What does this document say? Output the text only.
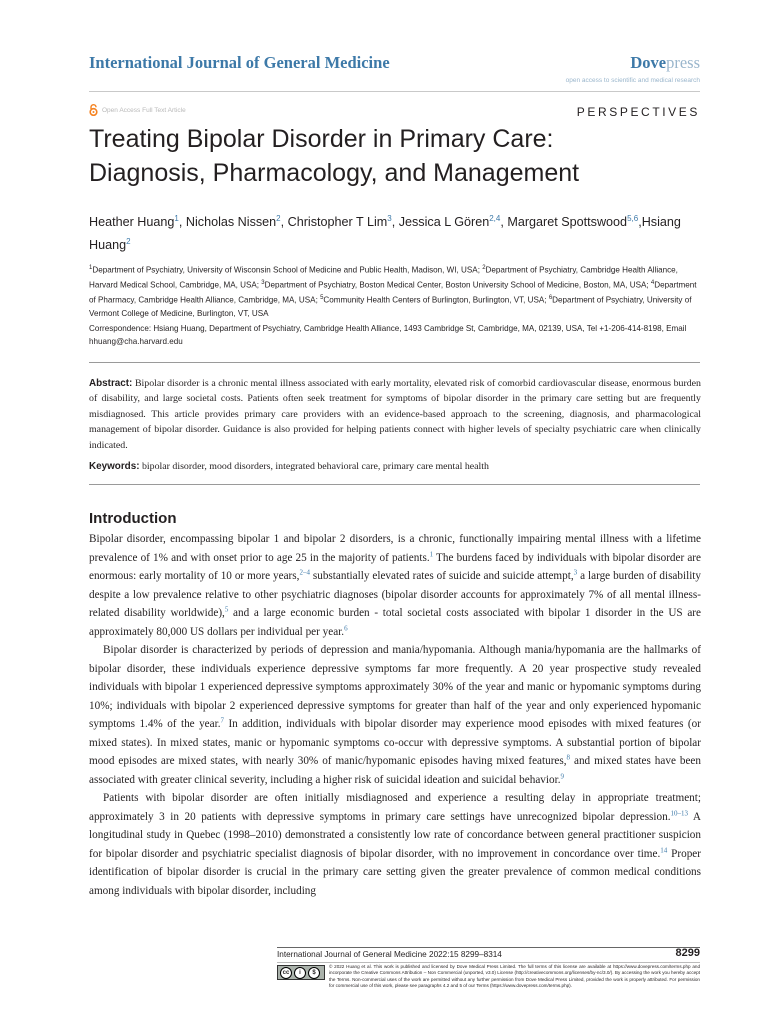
International Journal of General Medicine	Dovepress
open access to scientific and medical research
Open Access Full Text Article	PERSPECTIVES
Treating Bipolar Disorder in Primary Care:
Diagnosis, Pharmacology, and Management
Heather Huang$^1$, Nicholas Nissen$^2$, Christopher T Lim$^3$, Jessica L Gören$^{2,4}$, Margaret Spottswood$^{5,6}$,Hsiang Huang$^2$
$^1$Department of Psychiatry, University of Wisconsin School of Medicine and Public Health, Madison, WI, USA; $^2$Department of Psychiatry, Cambridge Health Alliance, Harvard Medical School, Cambridge, MA, USA; $^3$Department of Psychiatry, Boston Medical Center, Boston University School of Medicine, Boston, MA, USA; $^4$Department of Pharmacy, Cambridge Health Alliance, Cambridge, MA, USA; $^5$Community Health Centers of Burlington, Burlington, VT, USA; $^6$Department of Psychiatry, University of Vermont College of Medicine, Burlington, VT, USA
Correspondence: Hsiang Huang, Department of Psychiatry, Cambridge Health Alliance, 1493 Cambridge St, Cambridge, MA, 02139, USA, Tel +1-206-414-8198, Email hhuang@cha.harvard.edu
Abstract: Bipolar disorder is a chronic mental illness associated with early mortality, elevated risk of comorbid cardiovascular disease, enormous burden of disability, and large societal costs. Patients often seek treatment for symptoms of bipolar disorder in the primary care setting but are frequently misdiagnosed. This article provides primary care providers with an evidence-based approach to the screening, diagnosis, and pharmacological management of bipolar disorder. Guidance is also provided for helping patients connect with higher levels of specialty psychiatric care when clinically indicated.
Keywords: bipolar disorder, mood disorders, integrated behavioral care, primary care mental health
Introduction

Bipolar disorder, encompassing bipolar 1 and bipolar 2 disorders, is a chronic, functionally impairing mental illness with a lifetime prevalence of 1% and with onset prior to age 25 in the majority of patients.$^1$ The burdens faced by individuals with bipolar disorder are enormous: early mortality of 10 or more years,$^{2-4}$ substantially elevated rates of suicide and suicide attempt,$^3$ a large burden of disability despite a low prevalence relative to other psychiatric diagnoses (bipolar disorder accounts for approximately 7% of all mental illness-related disability worldwide),$^5$ and a large economic burden - total societal costs associated with bipolar 1 disorder in the US are approximately 80,000 US dollars per individual per year.$^6$

Bipolar disorder is characterized by periods of depression and mania/hypomania. Although mania/hypomania are the hallmarks of bipolar disorder, these individuals experience depressive symptoms far more frequently. A 20 year prospective study revealed individuals with bipolar 1 experienced depressive symptoms approximately 30% of the year and manic or hypomanic symptoms during 10%; individuals with bipolar 2 experienced depressive symptoms for greater than half of the year and only experienced hypomanic symptoms 1.4% of the year.$^7$ In addition, individuals with bipolar disorder may experience mood episodes with mixed features (or mixed states). In mixed states, manic or hypomanic symptoms co-occur with depressive symptoms. A substantial portion of bipolar mood episodes are mixed states, with nearly 30% of manic/hypomanic episodes having mixed features,$^8$ and mixed states have been associated with greater clinical severity, including a higher risk of suicidal ideation and suicidal behavior.$^9$

Patients with bipolar disorder are often initially misdiagnosed and experience a resulting delay in appropriate treatment; approximately 3 in 20 patients with depressive symptoms in primary care settings have unrecognized bipolar depression.$^{10-13}$ A longitudinal study in Quebec (1998–2010) demonstrated a consistently low rate of concordance between general practitioner suspicion for bipolar disorder and psychiatric specialist diagnosis of bipolar disorder, with no improvement in concordance over time.$^{14}$ Proper identification of bipolar disorder is crucial in the primary care setting given the greater prevalence of common medical conditions among individuals with bipolar disorder, including

International Journal of General Medicine 2022:15 8299–8314	8299
cc	i	$
© 2022 Huang et al. This work is published and licensed by Dove Medical Press Limited. The full terms of this license are available at https://www.dovepress.com/terms.php and incorporate the Creative Commons Attribution – Non Commercial (unported, v3.0) License (http://creativecommons.org/licenses/by-nc/3.0/). By accessing the work you hereby accept the Terms. Non-commercial uses of the work are permitted without any further permission from Dove Medical Press Limited, provided the work is properly attributed. For permission for commercial use of this work, please see paragraphs 4.2 and 5 of our Terms (https://www.dovepress.com/terms.php).
